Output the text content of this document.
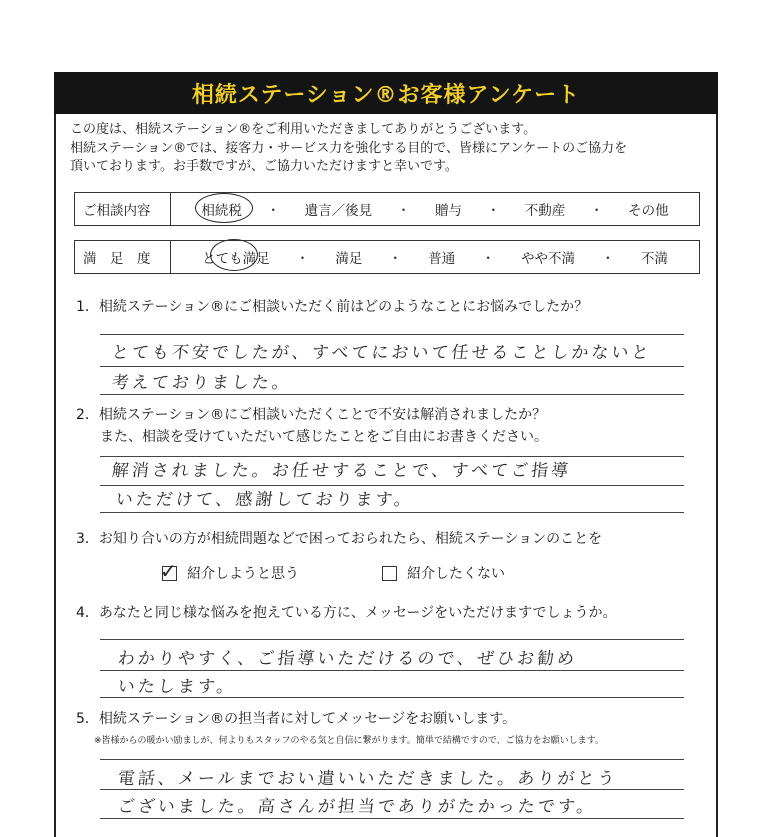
相続ステーション®お客様アンケート
この度は、相続ステーション®をご利用いただきましてありがとうございます。
相続ステーション®では、接客力・サービス力を強化する目的で、皆様にアンケートのご協力を
頂いております。お手数ですが、ご協力いただけますと幸いです。
ご相談内容	相続税 ・ 遺言／後見 ・ 贈与 ・ 不動産 ・ その他
満　足　度	とても満足 ・ 満足 ・ 普通 ・ やや不満 ・ 不満
1．相続ステーション®にご相談いただく前はどのようなことにお悩みでしたか？
とても不安でしたが、すべてにおいて任せることしかないと
考えておりました。
2．相続ステーション®にご相談いただくことで不安は解消されましたか？
また、相談を受けていただいて感じたことをご自由にお書きください。
解消されました。お任せすることで、すべてご指導
いただけて、感謝しております。
3．お知り合いの方が相続問題などで困っておられたら、相続ステーションのことを
✓ 紹介しようと思う	紹介したくない
4．あなたと同じ様な悩みを抱えている方に、メッセージをいただけますでしょうか。
わかりやすく、ご指導いただけるので、ぜひお勧め
いたします。
5．相続ステーション®の担当者に対してメッセージをお願いします。
※皆様からの暖かい励ましが、何よりもスタッフのやる気と自信に繋がります。簡単で結構ですので、ご協力をお願いします。
電話、メールまでおい遣いいただきました。ありがとう
ございました。高さんが担当でありがたかったです。
